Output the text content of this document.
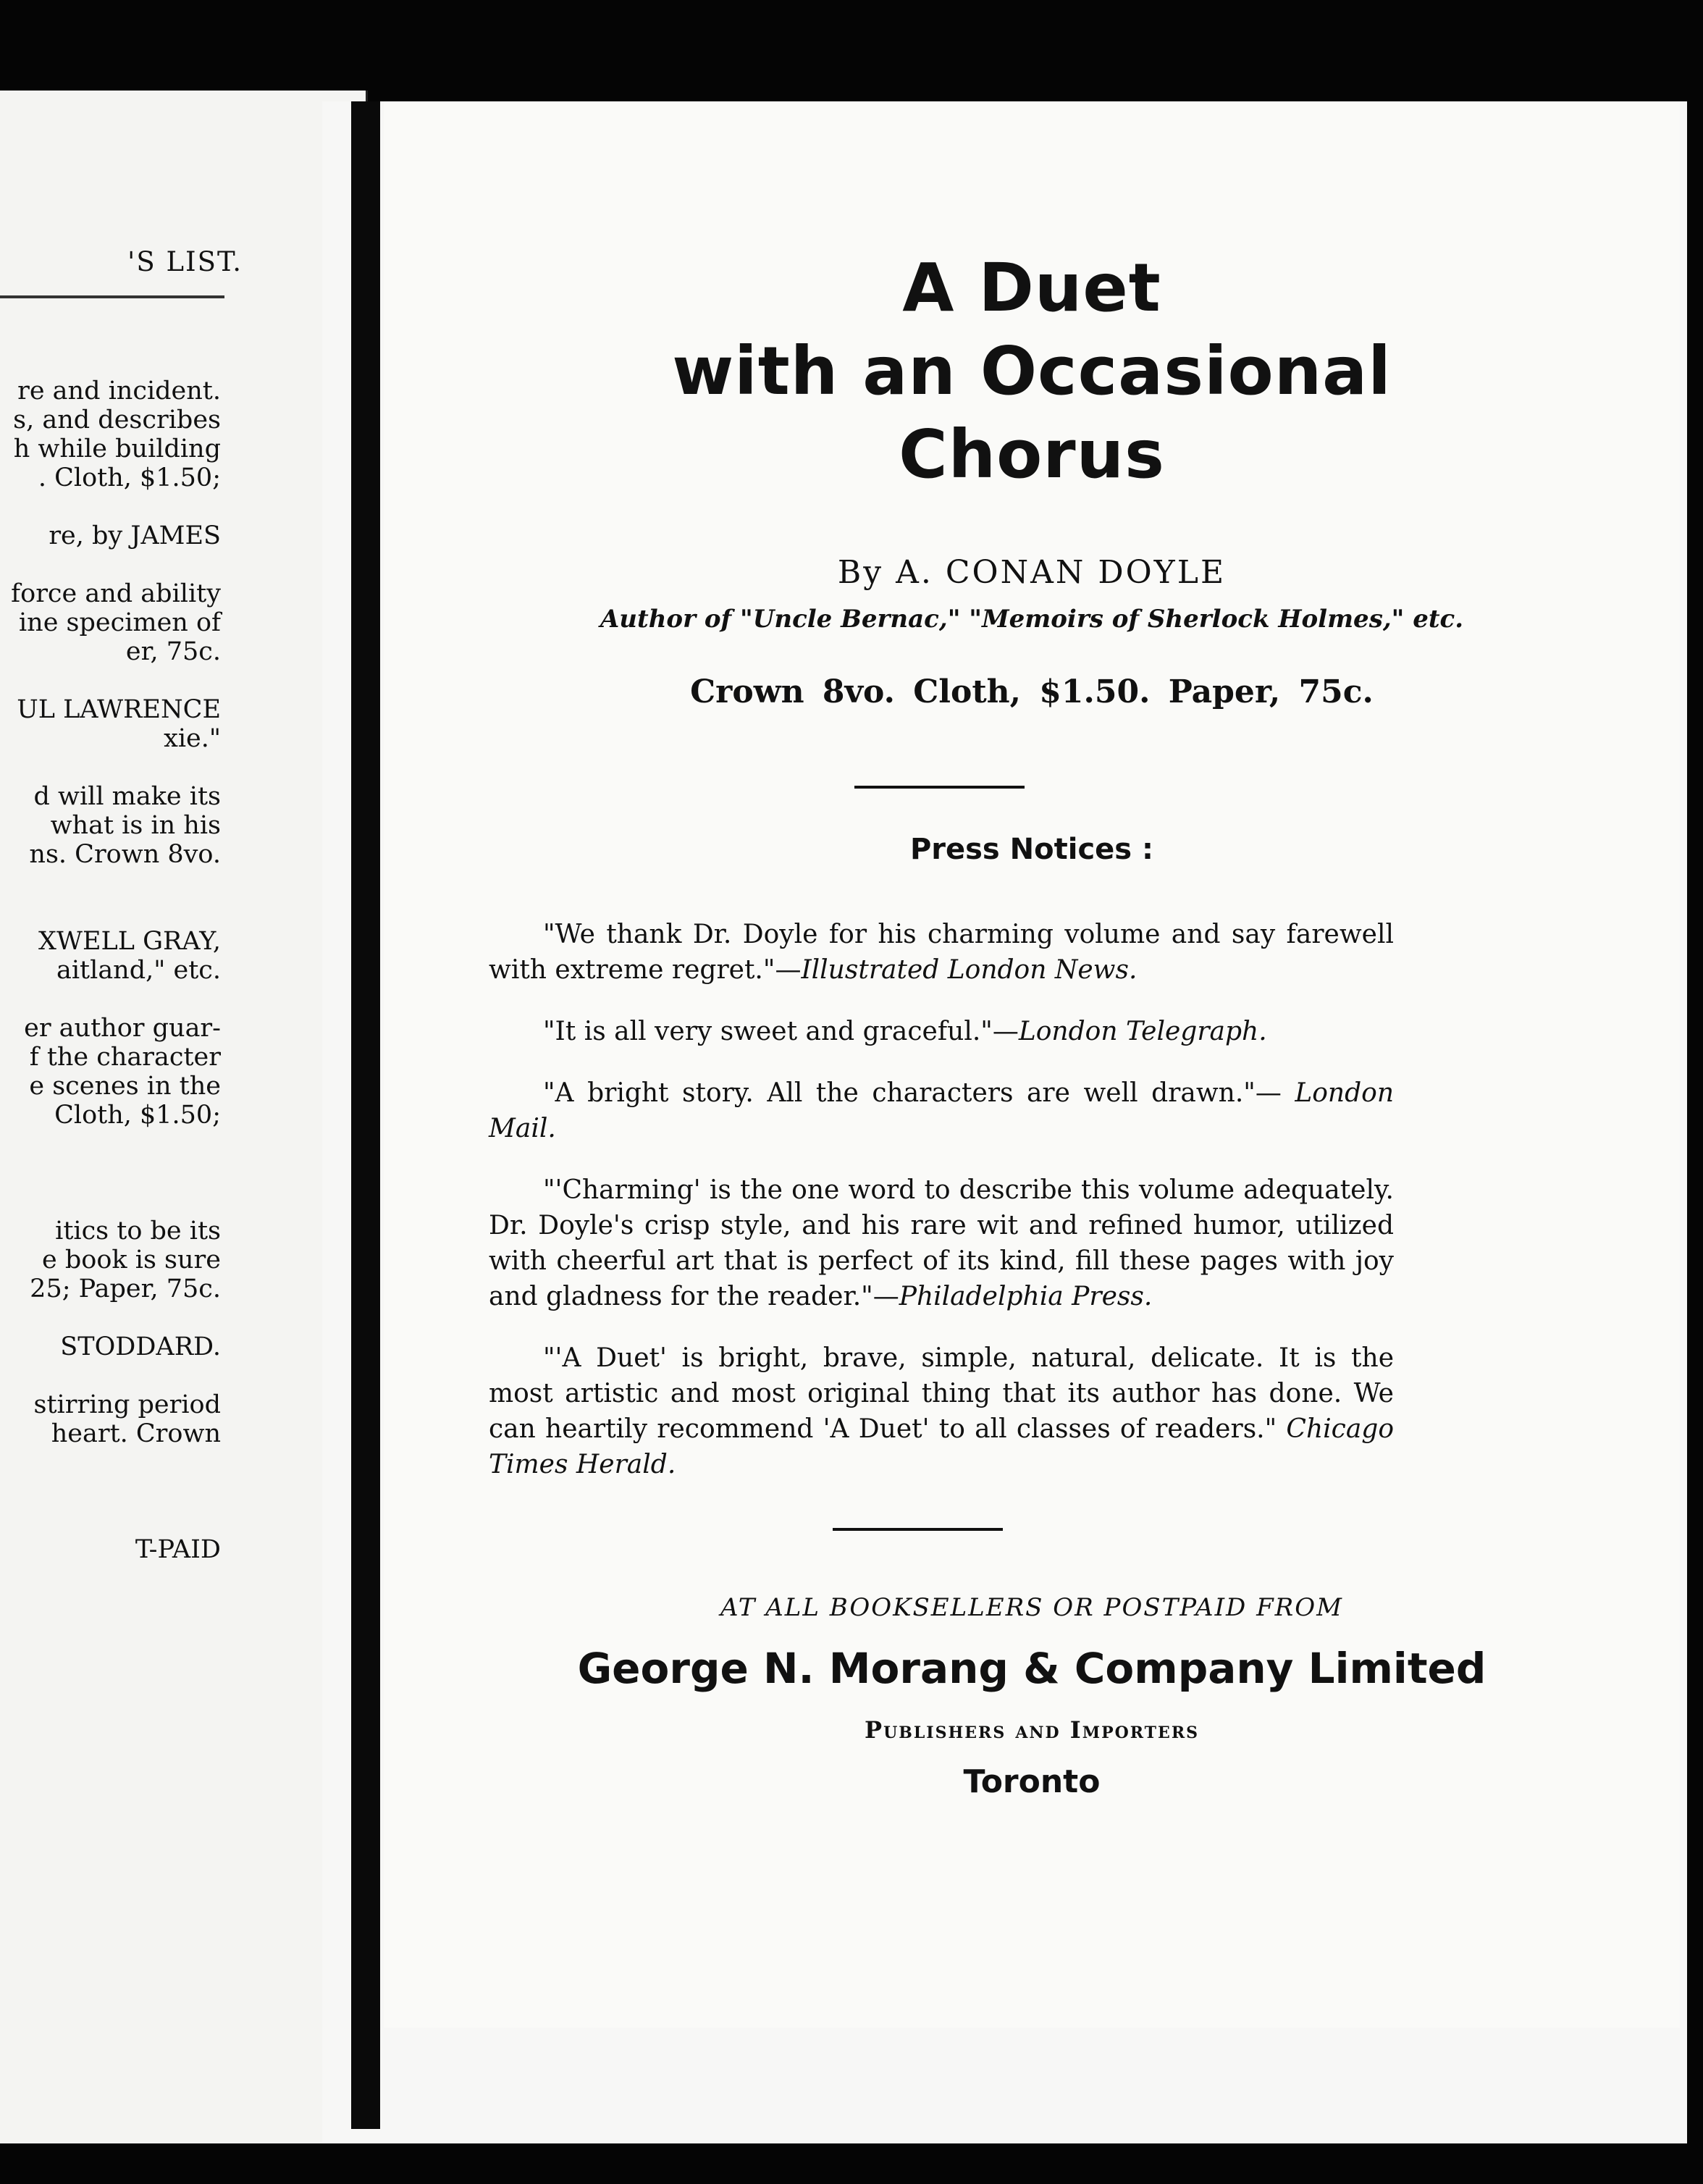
'S LIST.
re and incident.
s, and describes
h while building
. Cloth, $1.50;
re, by JAMES
force and ability
ine specimen of
er, 75c.
UL LAWRENCE
xie."
d will make its
what is in his
ns. Crown 8vo.
XWELL GRAY,
aitland," etc.
er author guar-
f the character
e scenes in the
Cloth, $1.50;
itics to be its
e book is sure
25; Paper, 75c.
STODDARD.
stirring period
heart. Crown
T-PAID
A Duet
with an Occasional
Chorus
By A. CONAN DOYLE
Author of "Uncle Bernac," "Memoirs of Sherlock Holmes," etc.
Crown 8vo. Cloth, $1.50. Paper, 75c.
Press Notices :

"We thank Dr. Doyle for his charming volume and say farewell with extreme regret."—Illustrated London News.

"It is all very sweet and graceful."—London Telegraph.

"A bright story. All the characters are well drawn."— London Mail.

"'Charming' is the one word to describe this volume adequately. Dr. Doyle's crisp style, and his rare wit and refined humor, utilized with cheerful art that is perfect of its kind, fill these pages with joy and gladness for the reader."—Philadelphia Press.

"'A Duet' is bright, brave, simple, natural, delicate. It is the most artistic and most original thing that its author has done. We can heartily recommend 'A Duet' to all classes of readers." Chicago Times Herald.

AT ALL BOOKSELLERS OR POSTPAID FROM
George N. Morang & Company Limited
Publishers and Importers
Toronto
